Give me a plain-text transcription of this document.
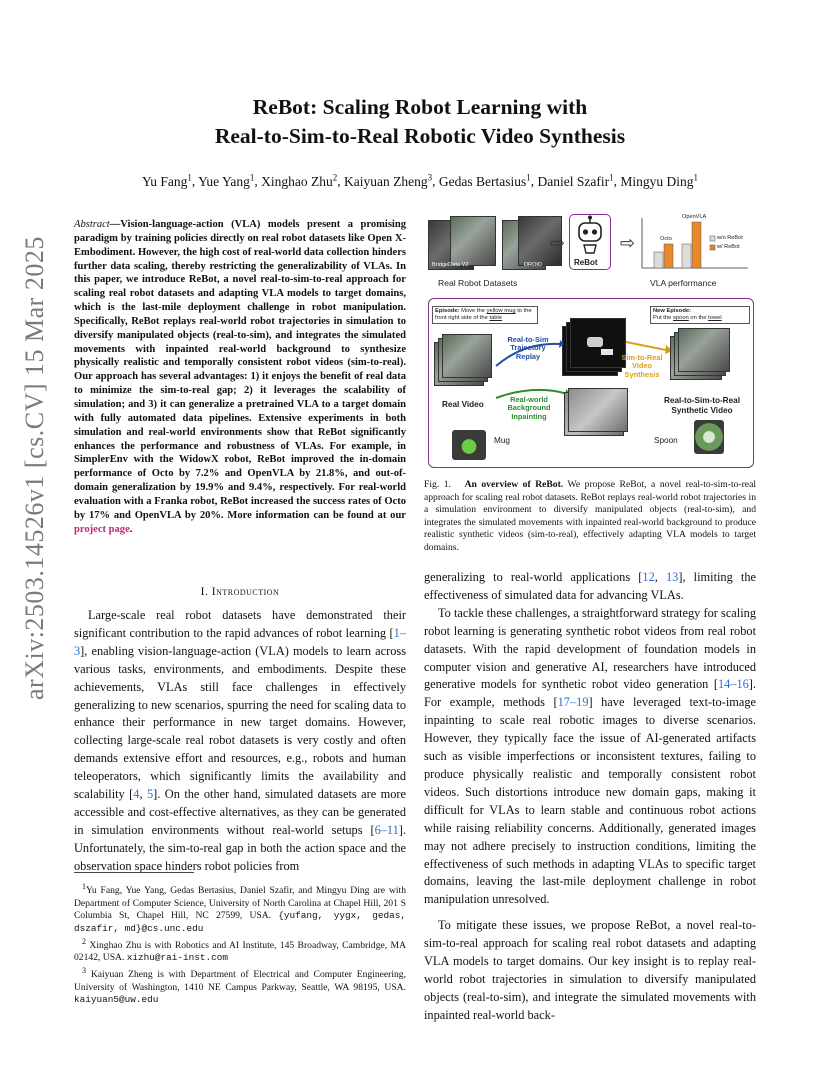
arXiv:2503.14526v1 [cs.CV] 15 Mar 2025
ReBot: Scaling Robot Learning with
Real-to-Sim-to-Real Robotic Video Synthesis
Yu Fang$^1$, Yue Yang$^1$, Xinghao Zhu$^2$, Kaiyuan Zheng$^3$, Gedas Bertasius$^1$, Daniel Szafir$^1$, Mingyu Ding$^1$
Abstract—Vision-language-action (VLA) models present a promising paradigm by training policies directly on real robot datasets like Open X-Embodiment. However, the high cost of real-world data collection hinders further data scaling, thereby restricting the generalizability of VLAs. In this paper, we introduce ReBot, a novel real-to-sim-to-real approach for scaling real robot datasets and adapting VLA models to target domains, which is the last-mile deployment challenge in robot manipulation. Specifically, ReBot replays real-world robot trajectories in simulation to diversify manipulated objects (real-to-sim), and integrates the simulated movements with inpainted real-world background to synthesize physically realistic and temporally consistent robot videos (sim-to-real). Our approach has several advantages: 1) it enjoys the benefit of real data to minimize the sim-to-real gap; 2) it leverages the scalability of simulation; and 3) it can generalize a pretrained VLA to a target domain with fully automated data pipelines. Extensive experiments in both simulation and real-world environments show that ReBot significantly enhances the performance and robustness of VLAs. For example, in SimplerEnv with the WidowX robot, ReBot improved the in-domain performance of Octo by 7.2% and OpenVLA by 21.8%, and out-of-domain generalization by 19.9% and 9.4%, respectively. For real-world evaluation with a Franka robot, ReBot increased the success rates of Octo by 17% and OpenVLA by 20%. More information can be found at our project page.
I. Introduction

Large-scale real robot datasets have demonstrated their significant contribution to the rapid advances of robot learning [1–3], enabling vision-language-action (VLA) models to learn across various tasks, environments, and embodiments. Despite these achievements, VLAs still face challenges in effectively generalizing to new scenarios, spurring the need for scaling data to enhance their performance in new target domains. However, collecting large-scale real robot datasets is very costly and often demands extensive effort and resources, e.g., robots and human teleoperators, which significantly limits the availability and scalability [4, 5]. On the other hand, simulated datasets are more accessible and cost-effective alternatives, as they can be generated in simulation environments without real-world setups [6–11]. Unfortunately, the sim-to-real gap in both the action space and the observation space hinders robot policies from

$^1$Yu Fang, Yue Yang, Gedas Bertasius, Daniel Szafir, and Mingyu Ding are with Department of Computer Science, University of North Carolina at Chapel Hill, 201 S Columbia St, Chapel Hill, NC 27599, USA. {yufang, yygx, gedas, dszafir, md}@cs.unc.edu

$^2$ Xinghao Zhu is with Robotics and AI Institute, 145 Broadway, Cambridge, MA 02142, USA. xizhu@rai-inst.com

$^3$ Kaiyuan Zheng is with Department of Electrical and Computer Engineering, University of Washington, 1410 NE Campus Parkway, Seattle, WA 98195, USA. kaiyuan5@uw.edu

BridgeData V2	DROID
Real Robot Datasets
⇨
ReBot
⇨	Octo
OpenVLA
w/o ReBot
w/ ReBot
VLA performance
Episode: Move the yellow mug to the front right side of the table
New Episode:
Put the spoon on the towel
Real Video
Real-to-Sim Trajectory Replay	Sim-to-Real Video Synthesis
Real-world Background Inpainting
Real-to-Sim-to-Real Synthetic Video
Mug	Spoon
Fig. 1. An overview of ReBot. We propose ReBot, a novel real-to-sim-to-real approach for scaling real robot datasets. ReBot replays real-world robot trajectories in a simulation environment to diversify manipulated objects (real-to-sim), and integrates the simulated movements with inpainted real-world background to produce realistic synthetic videos (sim-to-real), effectively adapting VLA models to target domains.

generalizing to real-world applications [12, 13], limiting the effectiveness of simulated data for advancing VLAs.

To tackle these challenges, a straightforward strategy for scaling robot learning is generating synthetic robot videos from real robot datasets. With the rapid development of foundation models in computer vision and generative AI, researchers have introduced generative models for synthetic robot video generation [14–16]. For example, methods [17–19] have leveraged text-to-image inpainting to scale real robotic images to diverse scenarios. However, they typically face the issue of AI-generated artifacts such as visible imperfections or inconsistent textures, failing to produce physically realistic and temporally consistent robot videos. Such distortions introduce new domain gaps, making it difficult for VLAs to learn stable and continuous robot actions while raising reliability concerns. Additionally, generated images may not adhere precisely to instruction conditions, limiting the effectiveness of such methods in adapting VLAs to specific target domains, leaving the last-mile deployment challenge in robot manipulation unresolved.

To mitigate these issues, we propose ReBot, a novel real-to-sim-to-real approach for scaling real robot datasets and adapting VLA models to target domains. Our key insight is to replay real-world robot trajectories in simulation to diversify manipulated objects (real-to-sim), and integrate the simulated movements with inpainted real-world back-
